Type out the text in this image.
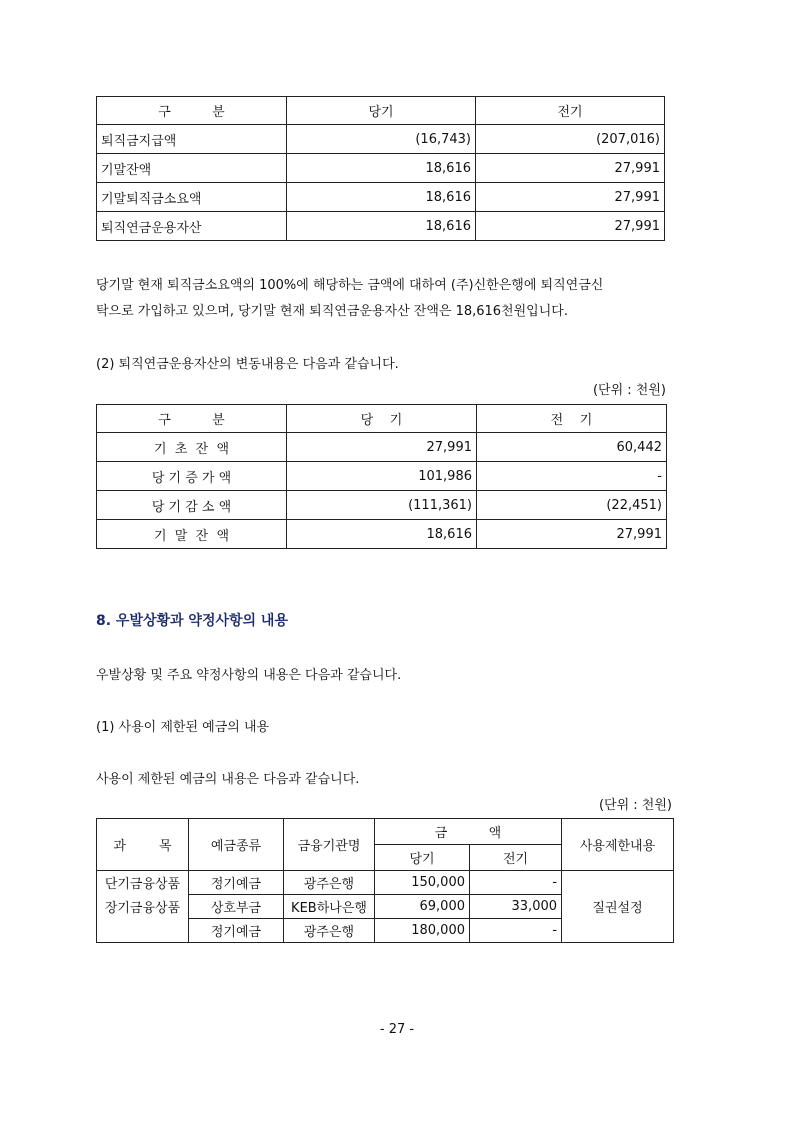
구          분	당기	전기
퇴직금지급액	(16,743)	(207,016)
기말잔액	18,616	27,991
기말퇴직금소요액	18,616	27,991
퇴직연금운용자산	18,616	27,991
당기말 현재 퇴직금소요액의 100%에 해당하는 금액에 대하여 (주)신한은행에 퇴직연금신
탁으로 가입하고 있으며, 당기말 현재 퇴직연금운용자산 잔액은 18,616천원입니다.
(2) 퇴직연금운용자산의 변동내용은 다음과 같습니다.
(단위 : 천원)
구          분	당    기	전    기
기  초  잔  액	27,991	60,442
당 기 증 가 액	101,986	-
당 기 감 소 액	(111,361)	(22,451)
기  말  잔  액	18,616	27,991
8. 우발상황과 약정사항의 내용
우발상황 및 주요 약정사항의 내용은 다음과 같습니다.
(1) 사용이 제한된 예금의 내용
사용이 제한된 예금의 내용은 다음과 같습니다.
(단위 : 천원)
과        목	예금종류	금융기관명	금          액		사용제한내용
			당기	전기	
단기금융상품	정기예금	광주은행	150,000	-	질권설정
장기금융상품	상호부금	KEB하나은행	69,000	33,000	
	정기예금	광주은행	180,000	-	
- 27 -
